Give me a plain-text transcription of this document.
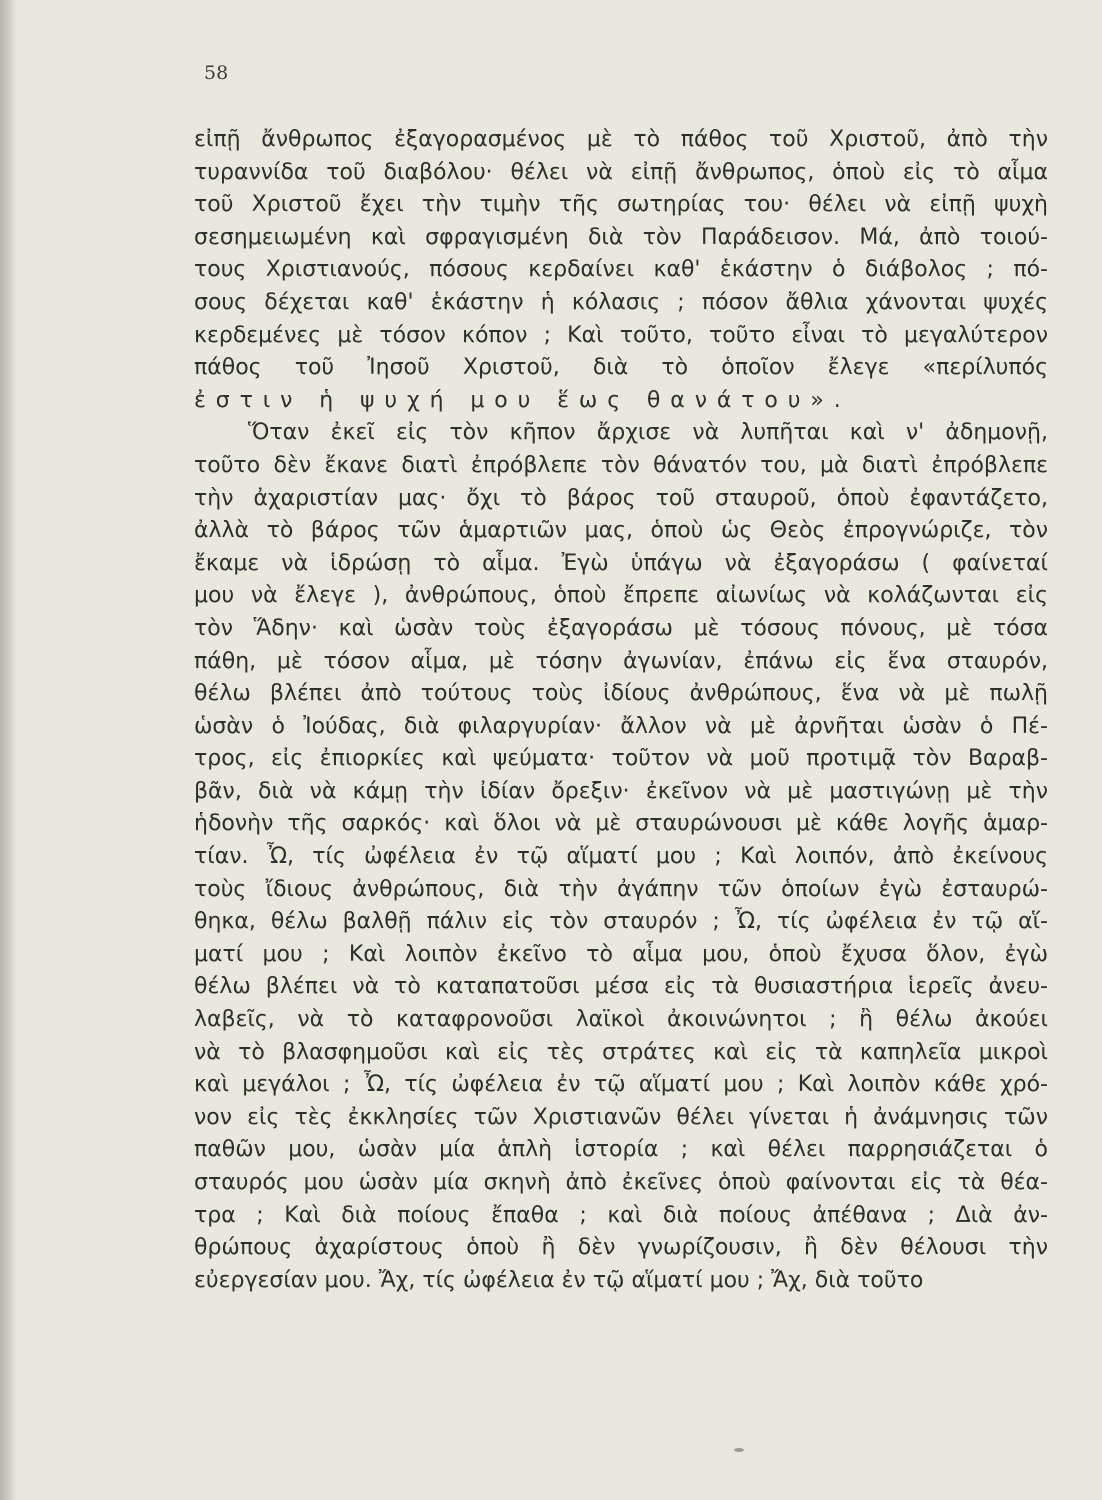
58
εἰπῇ ἄνθρωπος ἐξαγορασμένος μὲ τὸ πάθος τοῦ Χριστοῦ, ἀπὸ τὴν
τυραννίδα τοῦ διαβόλου· θέλει νὰ εἰπῇ ἄνθρωπος, ὁποὺ εἰς τὸ αἷμα
τοῦ Χριστοῦ ἔχει τὴν τιμὴν τῆς σωτηρίας του· θέλει νὰ εἰπῇ ψυχὴ
σεσημειωμένη καὶ σφραγισμένη διὰ τὸν Παράδεισον. Μά, ἀπὸ τοιού-
τους Χριστιανούς, πόσους κερδαίνει καθ' ἑκάστην ὁ διάβολος ; πό-
σους δέχεται καθ' ἑκάστην ἡ κόλασις ; πόσον ἄθλια χάνονται ψυχές
κερδεμένες μὲ τόσον κόπον ; Καὶ τοῦτο, τοῦτο εἶναι τὸ μεγαλύτερον
πάθος τοῦ Ἰησοῦ Χριστοῦ, διὰ τὸ ὁποῖον ἔλεγε «περίλυπός
ἐστιν ἡ ψυχή μου ἕως θανάτου».
Ὅταν ἐκεῖ εἰς τὸν κῆπον ἄρχισε νὰ λυπῆται καὶ ν' ἀδημονῇ,
τοῦτο δὲν ἔκανε διατὶ ἐπρόβλεπε τὸν θάνατόν του, μὰ διατὶ ἐπρόβλεπε
τὴν ἀχαριστίαν μας· ὄχι τὸ βάρος τοῦ σταυροῦ, ὁποὺ ἐφαντάζετο,
ἀλλὰ τὸ βάρος τῶν ἁμαρτιῶν μας, ὁποὺ ὡς Θεὸς ἐπρογνώριζε, τὸν
ἔκαμε νὰ ἱδρώσῃ τὸ αἷμα. Ἐγὼ ὑπάγω νὰ ἐξαγοράσω ( φαίνεταί
μου νὰ ἔλεγε ), ἀνθρώπους, ὁποὺ ἔπρεπε αἰωνίως νὰ κολάζωνται εἰς
τὸν Ἅδην· καὶ ὡσὰν τοὺς ἐξαγοράσω μὲ τόσους πόνους, μὲ τόσα
πάθη, μὲ τόσον αἷμα, μὲ τόσην ἀγωνίαν, ἐπάνω εἰς ἕνα σταυρόν,
θέλω βλέπει ἀπὸ τούτους τοὺς ἰδίους ἀνθρώπους, ἕνα νὰ μὲ πωλῇ
ὡσὰν ὁ Ἰούδας, διὰ φιλαργυρίαν· ἄλλον νὰ μὲ ἀρνῆται ὡσὰν ὁ Πέ-
τρος, εἰς ἐπιορκίες καὶ ψεύματα· τοῦτον νὰ μοῦ προτιμᾷ τὸν Βαραβ-
βᾶν, διὰ νὰ κάμῃ τὴν ἰδίαν ὄρεξιν· ἐκεῖνον νὰ μὲ μαστιγώνῃ μὲ τὴν
ἡδονὴν τῆς σαρκός· καὶ ὅλοι νὰ μὲ σταυρώνουσι μὲ κάθε λογῆς ἁμαρ-
τίαν. Ὦ, τίς ὠφέλεια ἐν τῷ αἵματί μου ; Καὶ λοιπόν, ἀπὸ ἐκείνους
τοὺς ἴδιους ἀνθρώπους, διὰ τὴν ἀγάπην τῶν ὁποίων ἐγὼ ἐσταυρώ-
θηκα, θέλω βαλθῇ πάλιν εἰς τὸν σταυρόν ; Ὦ, τίς ὠφέλεια ἐν τῷ αἵ-
ματί μου ; Καὶ λοιπὸν ἐκεῖνο τὸ αἷμα μου, ὁποὺ ἔχυσα ὅλον, ἐγὼ
θέλω βλέπει νὰ τὸ καταπατοῦσι μέσα εἰς τὰ θυσιαστήρια ἱερεῖς ἀνευ-
λαβεῖς, νὰ τὸ καταφρονοῦσι λαϊκοὶ ἀκοινώνητοι ; ἢ θέλω ἀκούει
νὰ τὸ βλασφημοῦσι καὶ εἰς τὲς στράτες καὶ εἰς τὰ καπηλεῖα μικροὶ
καὶ μεγάλοι ; Ὦ, τίς ὠφέλεια ἐν τῷ αἵματί μου ; Καὶ λοιπὸν κάθε χρό-
νον εἰς τὲς ἐκκλησίες τῶν Χριστιανῶν θέλει γίνεται ἡ ἀνάμνησις τῶν
παθῶν μου, ὡσὰν μία ἁπλὴ ἱστορία ; καὶ θέλει παρρησιάζεται ὁ
σταυρός μου ὡσὰν μία σκηνὴ ἀπὸ ἐκεῖνες ὁποὺ φαίνονται εἰς τὰ θέα-
τρα ; Καὶ διὰ ποίους ἔπαθα ; καὶ διὰ ποίους ἀπέθανα ; Διὰ ἀν-
θρώπους ἀχαρίστους ὁποὺ ἢ δὲν γνωρίζουσιν, ἢ δὲν θέλουσι τὴν
εὐεργεσίαν μου. Ἄχ, τίς ὠφέλεια ἐν τῷ αἵματί μου ; Ἄχ, διὰ τοῦτο
